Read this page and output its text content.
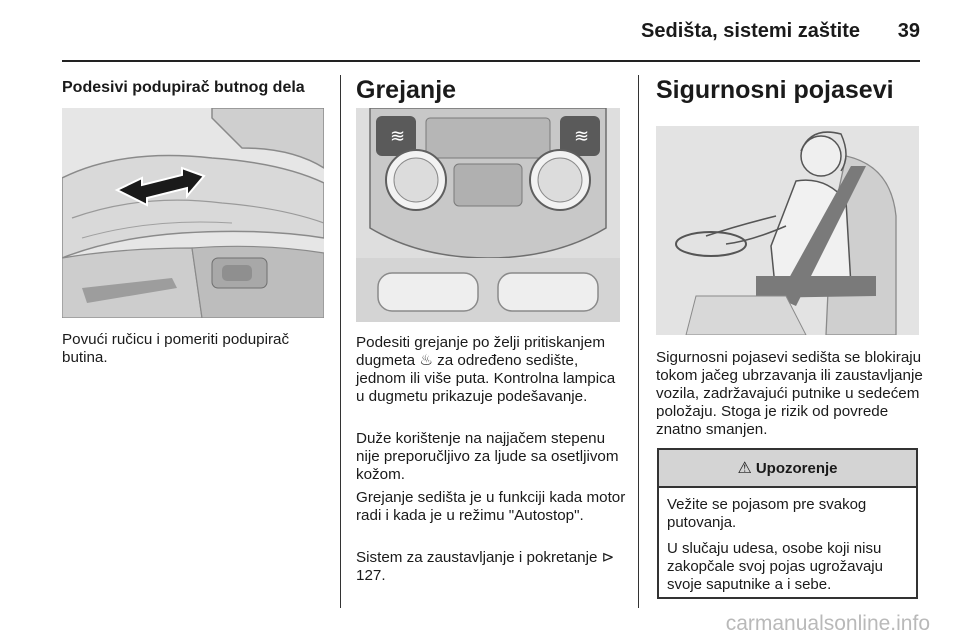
Sedišta, sistemi zaštite	39
Podesivi podupirač butnog dela

Povući ručicu i pomeriti podupirač butina.

Grejanje
≋	≋

Podesiti grejanje po želji pritiskanjem dugmeta ♨ za određeno sedište, jednom ili više puta. Kontrolna lampica u dugmetu prikazuje podešavanje.

Duže korištenje na najjačem stepenu nije preporučljivo za ljude sa osetljivom kožom.

Grejanje sedišta je u funkciji kada motor radi i kada je u režimu "Autostop".

Sistem za zaustavljanje i pokretanje ⊳ 127.

Sigurnosni pojasevi

Sigurnosni pojasevi sedišta se blokiraju tokom jačeg ubrzavanja ili zaustavljanje vozila, zadržavajući putnike u sedećem položaju. Stoga je rizik od povrede znatno smanjen.

⚠ Upozorenje

Vežite se pojasom pre svakog putovanja.

U slučaju udesa, osobe koji nisu zakopčale svoj pojas ugrožavaju svoje saputnike a i sebe.

carmanualsonline.info
